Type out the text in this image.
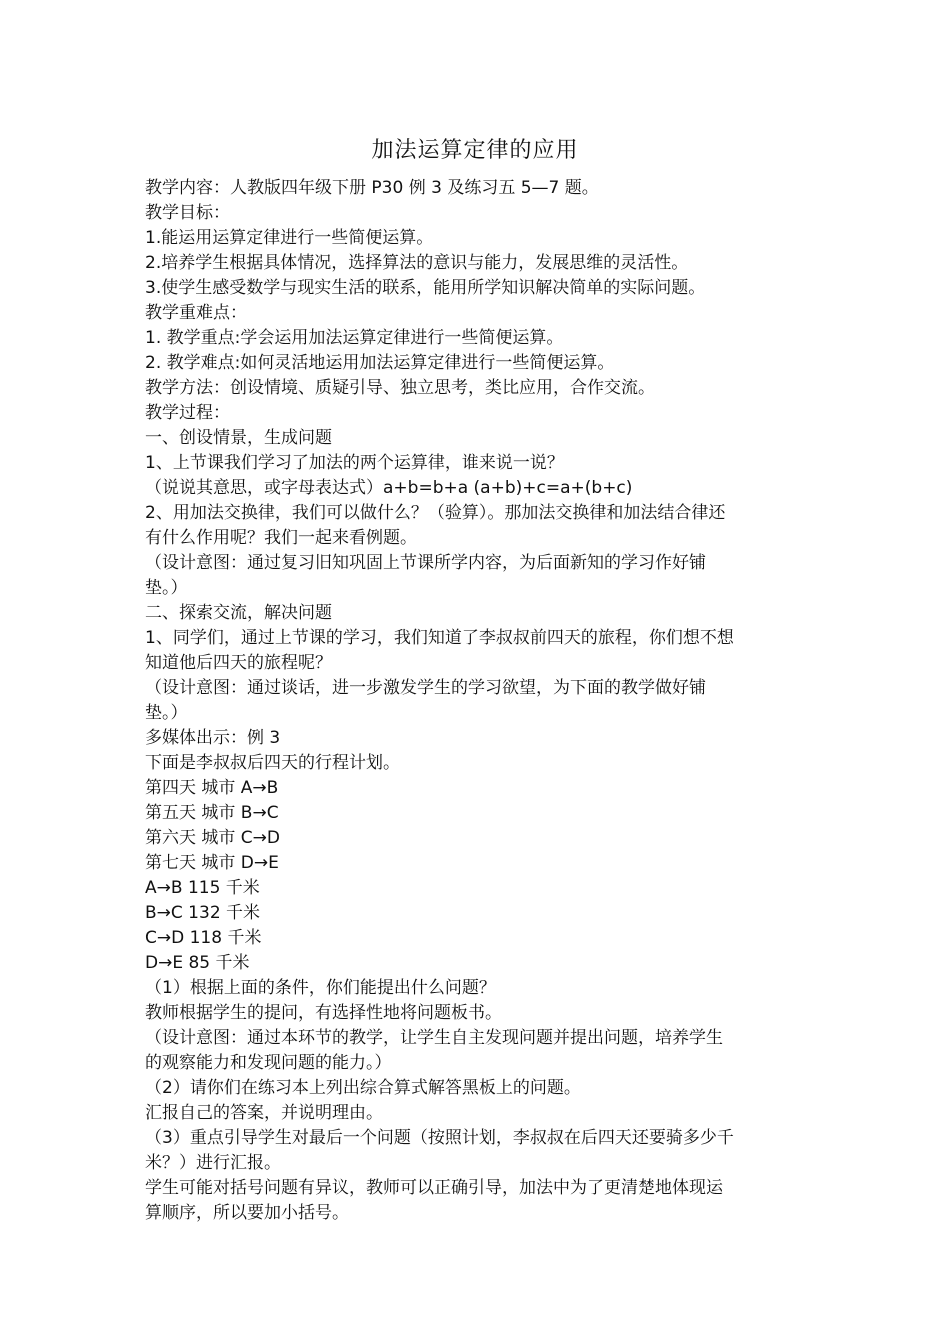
加法运算定律的应用
教学内容：人教版四年级下册 P30 例 3 及练习五 5—7 题。
教学目标：
1.能运用运算定律进行一些简便运算。
2.培养学生根据具体情况，选择算法的意识与能力，发展思维的灵活性。
3.使学生感受数学与现实生活的联系，能用所学知识解决简单的实际问题。
教学重难点：
1. 教学重点:学会运用加法运算定律进行一些简便运算。
2. 教学难点:如何灵活地运用加法运算定律进行一些简便运算。
教学方法：创设情境、质疑引导、独立思考，类比应用，合作交流。
教学过程：
一、创设情景，生成问题
1、上节课我们学习了加法的两个运算律，谁来说一说？
（说说其意思，或字母表达式）a+b=b+a (a+b)+c=a+(b+c)
2、用加法交换律，我们可以做什么？（验算）。那加法交换律和加法结合律还
有什么作用呢？我们一起来看例题。
（设计意图：通过复习旧知巩固上节课所学内容，为后面新知的学习作好铺
垫。）
二、探索交流，解决问题
1、同学们，通过上节课的学习，我们知道了李叔叔前四天的旅程，你们想不想
知道他后四天的旅程呢？
（设计意图：通过谈话，进一步激发学生的学习欲望，为下面的教学做好铺
垫。）
多媒体出示：例 3
下面是李叔叔后四天的行程计划。
第四天 城市 A→B
第五天 城市 B→C
第六天 城市 C→D
第七天 城市 D→E
A→B 115 千米
B→C 132 千米
C→D 118 千米
D→E 85 千米
（1）根据上面的条件，你们能提出什么问题？
教师根据学生的提问，有选择性地将问题板书。
（设计意图：通过本环节的教学，让学生自主发现问题并提出问题，培养学生
的观察能力和发现问题的能力。）
（2）请你们在练习本上列出综合算式解答黑板上的问题。
汇报自己的答案，并说明理由。
（3）重点引导学生对最后一个问题（按照计划，李叔叔在后四天还要骑多少千
米？）进行汇报。
学生可能对括号问题有异议，教师可以正确引导，加法中为了更清楚地体现运
算顺序，所以要加小括号。
